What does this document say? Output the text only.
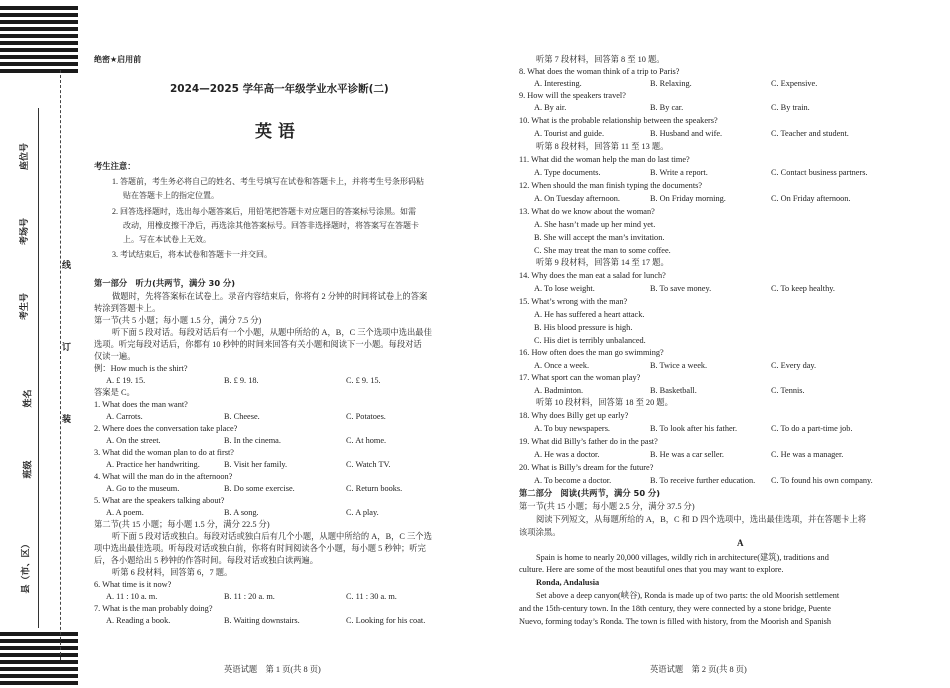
座位号
考场号
考生号
姓名
班级
县（市、区）
线
订
装
绝密★启用前
2024—2025 学年高一年级学业水平诊断(二)
英 语
考生注意：
1. 答题前，考生务必将自己的姓名、考生号填写在试卷和答题卡上，并将考生号条形码粘
贴在答题卡上的指定位置。
2. 回答选择题时，选出每小题答案后，用铅笔把答题卡对应题目的答案标号涂黑。如需
改动，用橡皮擦干净后，再选涂其他答案标号。回答非选择题时，将答案写在答题卡
上。写在本试卷上无效。
3. 考试结束后，将本试卷和答题卡一并交回。
第一部分　听力(共两节，满分 30 分)
做题时，先将答案标在试卷上。录音内容结束后，你将有 2 分钟的时间将试卷上的答案
转涂到答题卡上。
第一节(共 5 小题；每小题 1.5 分，满分 7.5 分)
听下面 5 段对话。每段对话后有一个小题，从题中所给的 A，B，C 三个选项中选出最佳
选项。听完每段对话后，你都有 10 秒钟的时间来回答有关小题和阅读下一小题。每段对话
仅读一遍。
例：How much is the shirt?
A. £ 19. 15.	B. £ 9. 18.	C. £ 9. 15.
答案是 C。
1. What does the man want?
A. Carrots.	B. Cheese.	C. Potatoes.
2. Where does the conversation take place?
A. On the street.	B. In the cinema.	C. At home.
3. What did the woman plan to do at first?
A. Practice her handwriting.	B. Visit her family.	C. Watch TV.
4. What will the man do in the afternoon?
A. Go to the museum.	B. Do some exercise.	C. Return books.
5. What are the speakers talking about?
A. A poem.	B. A song.	C. A play.
第二节(共 15 小题；每小题 1.5 分，满分 22.5 分)
听下面 5 段对话或独白。每段对话或独白后有几个小题，从题中所给的 A，B，C 三个选
项中选出最佳选项。听每段对话或独白前，你将有时间阅读各个小题，每小题 5 秒钟；听完
后，各小题给出 5 秒钟的作答时间。每段对话或独白读两遍。
听第 6 段材料，回答第 6，7 题。
6. What time is it now?
A. 11 : 10 a. m.	B. 11 : 20 a. m.	C. 11 : 30 a. m.
7. What is the man probably doing?
A. Reading a book.	B. Waiting downstairs.	C. Looking for his coat.
英语试题　第 1 页(共 8 页)
听第 7 段材料，回答第 8 至 10 题。
8. What does the woman think of a trip to Paris?
A. Interesting.	B. Relaxing.	C. Expensive.
9. How will the speakers travel?
A. By air.	B. By car.	C. By train.
10. What is the probable relationship between the speakers?
A. Tourist and guide.	B. Husband and wife.	C. Teacher and student.
听第 8 段材料，回答第 11 至 13 题。
11. What did the woman help the man do last time?
A. Type documents.	B. Write a report.	C. Contact business partners.
12. When should the man finish typing the documents?
A. On Tuesday afternoon.	B. On Friday morning.	C. On Friday afternoon.
13. What do we know about the woman?
A. She hasn’t made up her mind yet.
B. She will accept the man’s invitation.
C. She may treat the man to some coffee.
听第 9 段材料，回答第 14 至 17 题。
14. Why does the man eat a salad for lunch?
A. To lose weight.	B. To save money.	C. To keep healthy.
15. What’s wrong with the man?
A. He has suffered a heart attack.
B. His blood pressure is high.
C. His diet is terribly unbalanced.
16. How often does the man go swimming?
A. Once a week.	B. Twice a week.	C. Every day.
17. What sport can the woman play?
A. Badminton.	B. Basketball.	C. Tennis.
听第 10 段材料，回答第 18 至 20 题。
18. Why does Billy get up early?
A. To buy newspapers.	B. To look after his father.	C. To do a part-time job.
19. What did Billy’s father do in the past?
A. He was a doctor.	B. He was a car seller.	C. He was a manager.
20. What is Billy’s dream for the future?
A. To become a doctor.	B. To receive further education. C. To found his own company.
第二部分　阅读(共两节，满分 50 分)
第一节(共 15 小题；每小题 2.5 分，满分 37.5 分)
阅读下列短文，从每题所给的 A，B，C 和 D 四个选项中，选出最佳选项，并在答题卡上将
该项涂黑。
A
Spain is home to nearly 20,000 villages, wildly rich in architecture(建筑), traditions and
culture. Here are some of the most beautiful ones that you may want to explore.
Ronda, Andalusia
Set above a deep canyon(峡谷), Ronda is made up of two parts: the old Moorish settlement
and the 15th-century town. In the 18th century, they were connected by a stone bridge, Puente
Nuevo, forming today’s Ronda. The town is filled with history, from the Moorish and Spanish
英语试题　第 2 页(共 8 页)
